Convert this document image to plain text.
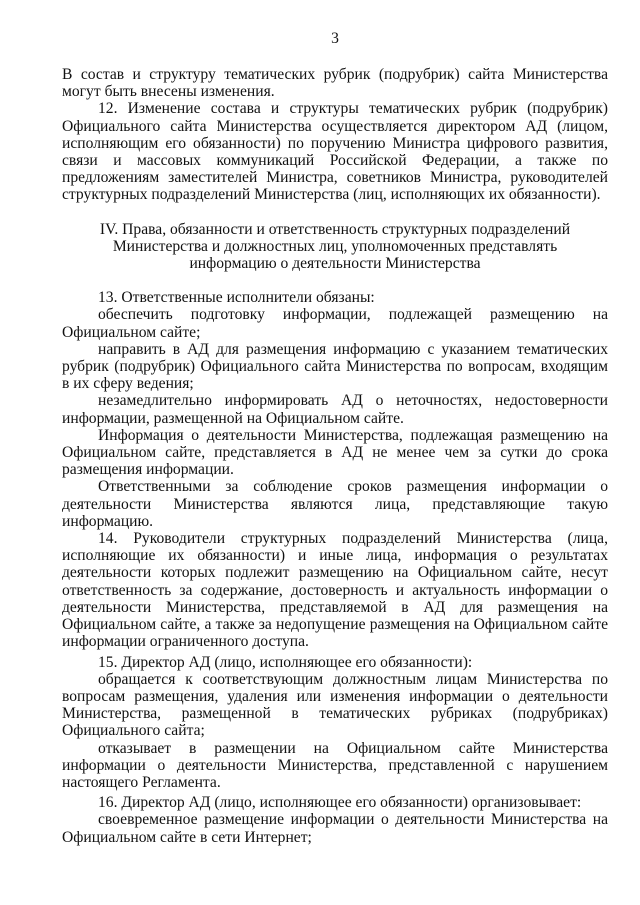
3

В состав и структуру тематических рубрик (подрубрик) сайта Министерства могут быть внесены изменения.

12. Изменение состава и структуры тематических рубрик (подрубрик) Официального сайта Министерства осуществляется директором АД (лицом, исполняющим его обязанности) по поручению Министра цифрового развития, связи и массовых коммуникаций Российской Федерации, а также по предложениям заместителей Министра, советников Министра, руководителей структурных подразделений Министерства (лиц, исполняющих их обязанности).

IV. Права, обязанности и ответственность структурных подразделений Министерства и должностных лиц, уполномоченных представлять информацию о деятельности Министерства

13. Ответственные исполнители обязаны:

обеспечить подготовку информации, подлежащей размещению на Официальном сайте;

направить в АД для размещения информацию с указанием тематических рубрик (подрубрик) Официального сайта Министерства по вопросам, входящим в их сферу ведения;

незамедлительно информировать АД о неточностях, недостоверности информации, размещенной на Официальном сайте.

Информация о деятельности Министерства, подлежащая размещению на Официальном сайте, представляется в АД не менее чем за сутки до срока размещения информации.

Ответственными за соблюдение сроков размещения информации о деятельности Министерства являются лица, представляющие такую информацию.

14. Руководители структурных подразделений Министерства (лица, исполняющие их обязанности) и иные лица, информация о результатах деятельности которых подлежит размещению на Официальном сайте, несут ответственность за содержание, достоверность и актуальность информации о деятельности Министерства, представляемой в АД для размещения на Официальном сайте, а также за недопущение размещения на Официальном сайте информации ограниченного доступа.

15. Директор АД (лицо, исполняющее его обязанности):

обращается к соответствующим должностным лицам Министерства по вопросам размещения, удаления или изменения информации о деятельности Министерства, размещенной в тематических рубриках (подрубриках) Официального сайта;

отказывает в размещении на Официальном сайте Министерства информации о деятельности Министерства, представленной с нарушением настоящего Регламента.

16. Директор АД (лицо, исполняющее его обязанности) организовывает:

своевременное размещение информации о деятельности Министерства на Официальном сайте в сети Интернет;
